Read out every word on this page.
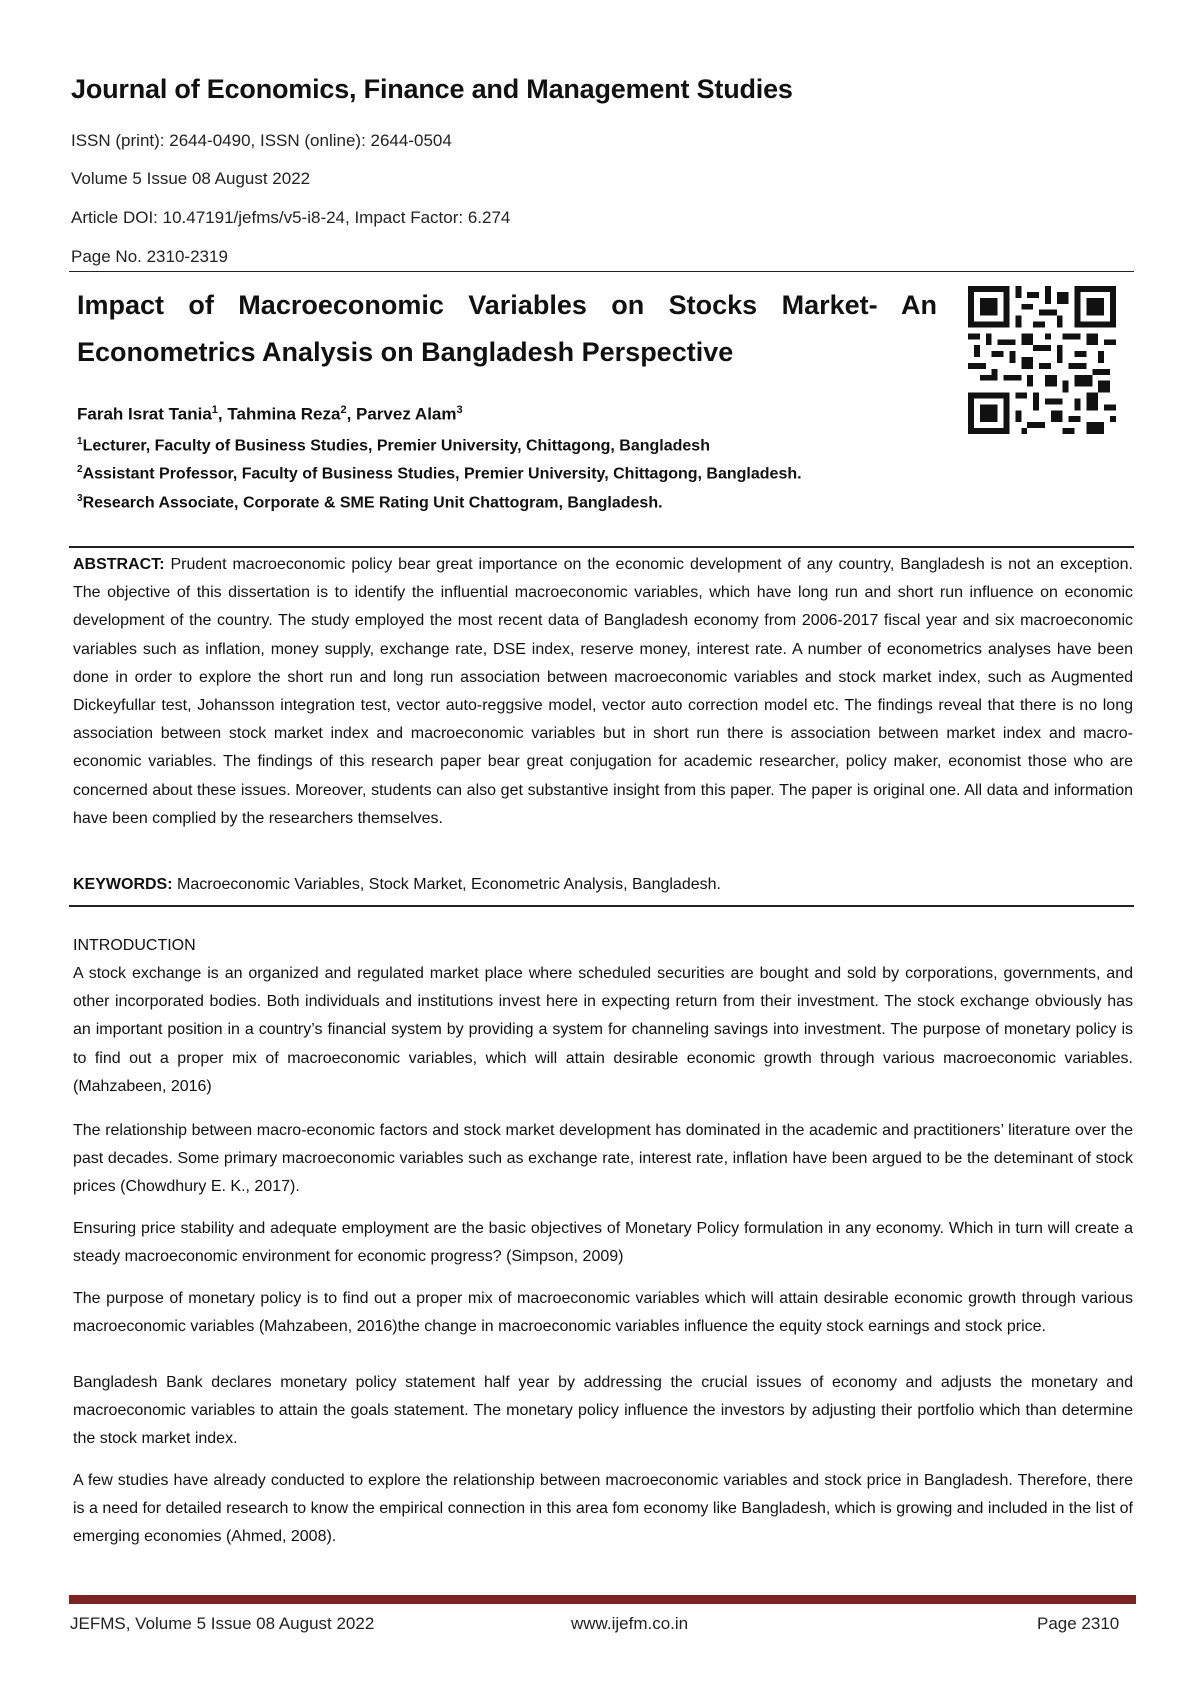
Journal of Economics, Finance and Management Studies
ISSN (print): 2644-0490, ISSN (online): 2644-0504
Volume 5 Issue 08 August 2022
Article DOI: 10.47191/jefms/v5-i8-24, Impact Factor: 6.274
Page No. 2310-2319
Impact of Macroeconomic Variables on Stocks Market- An Econometrics Analysis on Bangladesh Perspective
Farah Israt Tania$^1$, Tahmina Reza$^2$, Parvez Alam$^3$
$^1$Lecturer, Faculty of Business Studies, Premier University, Chittagong, Bangladesh
$^2$Assistant Professor, Faculty of Business Studies, Premier University, Chittagong, Bangladesh.
$^3$Research Associate, Corporate & SME Rating Unit Chattogram, Bangladesh.
ABSTRACT: Prudent macroeconomic policy bear great importance on the economic development of any country, Bangladesh is not an exception. The objective of this dissertation is to identify the influential macroeconomic variables, which have long run and short run influence on economic development of the country. The study employed the most recent data of Bangladesh economy from 2006-2017 fiscal year and six macroeconomic variables such as inflation, money supply, exchange rate, DSE index, reserve money, interest rate. A number of econometrics analyses have been done in order to explore the short run and long run association between macroeconomic variables and stock market index, such as Augmented Dickeyfullar test, Johansson integration test, vector auto-reggsive model, vector auto correction model etc. The findings reveal that there is no long association between stock market index and macroeconomic variables but in short run there is association between market index and macro-economic variables. The findings of this research paper bear great conjugation for academic researcher, policy maker, economist those who are concerned about these issues. Moreover, students can also get substantive insight from this paper. The paper is original one. All data and information have been complied by the researchers themselves.
KEYWORDS: Macroeconomic Variables, Stock Market, Econometric Analysis, Bangladesh.
INTRODUCTION

A stock exchange is an organized and regulated market place where scheduled securities are bought and sold by corporations, governments, and other incorporated bodies. Both individuals and institutions invest here in expecting return from their investment. The stock exchange obviously has an important position in a country’s financial system by providing a system for channeling savings into investment. The purpose of monetary policy is to find out a proper mix of macroeconomic variables, which will attain desirable economic growth through various macroeconomic variables. (Mahzabeen, 2016)

The relationship between macro-economic factors and stock market development has dominated in the academic and practitioners’ literature over the past decades. Some primary macroeconomic variables such as exchange rate, interest rate, inflation have been argued to be the deteminant of stock prices (Chowdhury E. K., 2017).

Ensuring price stability and adequate employment are the basic objectives of Monetary Policy formulation in any economy. Which in turn will create a steady macroeconomic environment for economic progress? (Simpson, 2009)

The purpose of monetary policy is to find out a proper mix of macroeconomic variables which will attain desirable economic growth through various macroeconomic variables (Mahzabeen, 2016)the change in macroeconomic variables influence the equity stock earnings and stock price.

Bangladesh Bank declares monetary policy statement half year by addressing the crucial issues of economy and adjusts the monetary and macroeconomic variables to attain the goals statement. The monetary policy influence the investors by adjusting their portfolio which than determine the stock market index.

A few studies have already conducted to explore the relationship between macroeconomic variables and stock price in Bangladesh. Therefore, there is a need for detailed research to know the empirical connection in this area fom economy like Bangladesh, which is growing and included in the list of emerging economies (Ahmed, 2008).

JEFMS, Volume 5 Issue 08 August 2022	www.ijefm.co.in	Page 2310
